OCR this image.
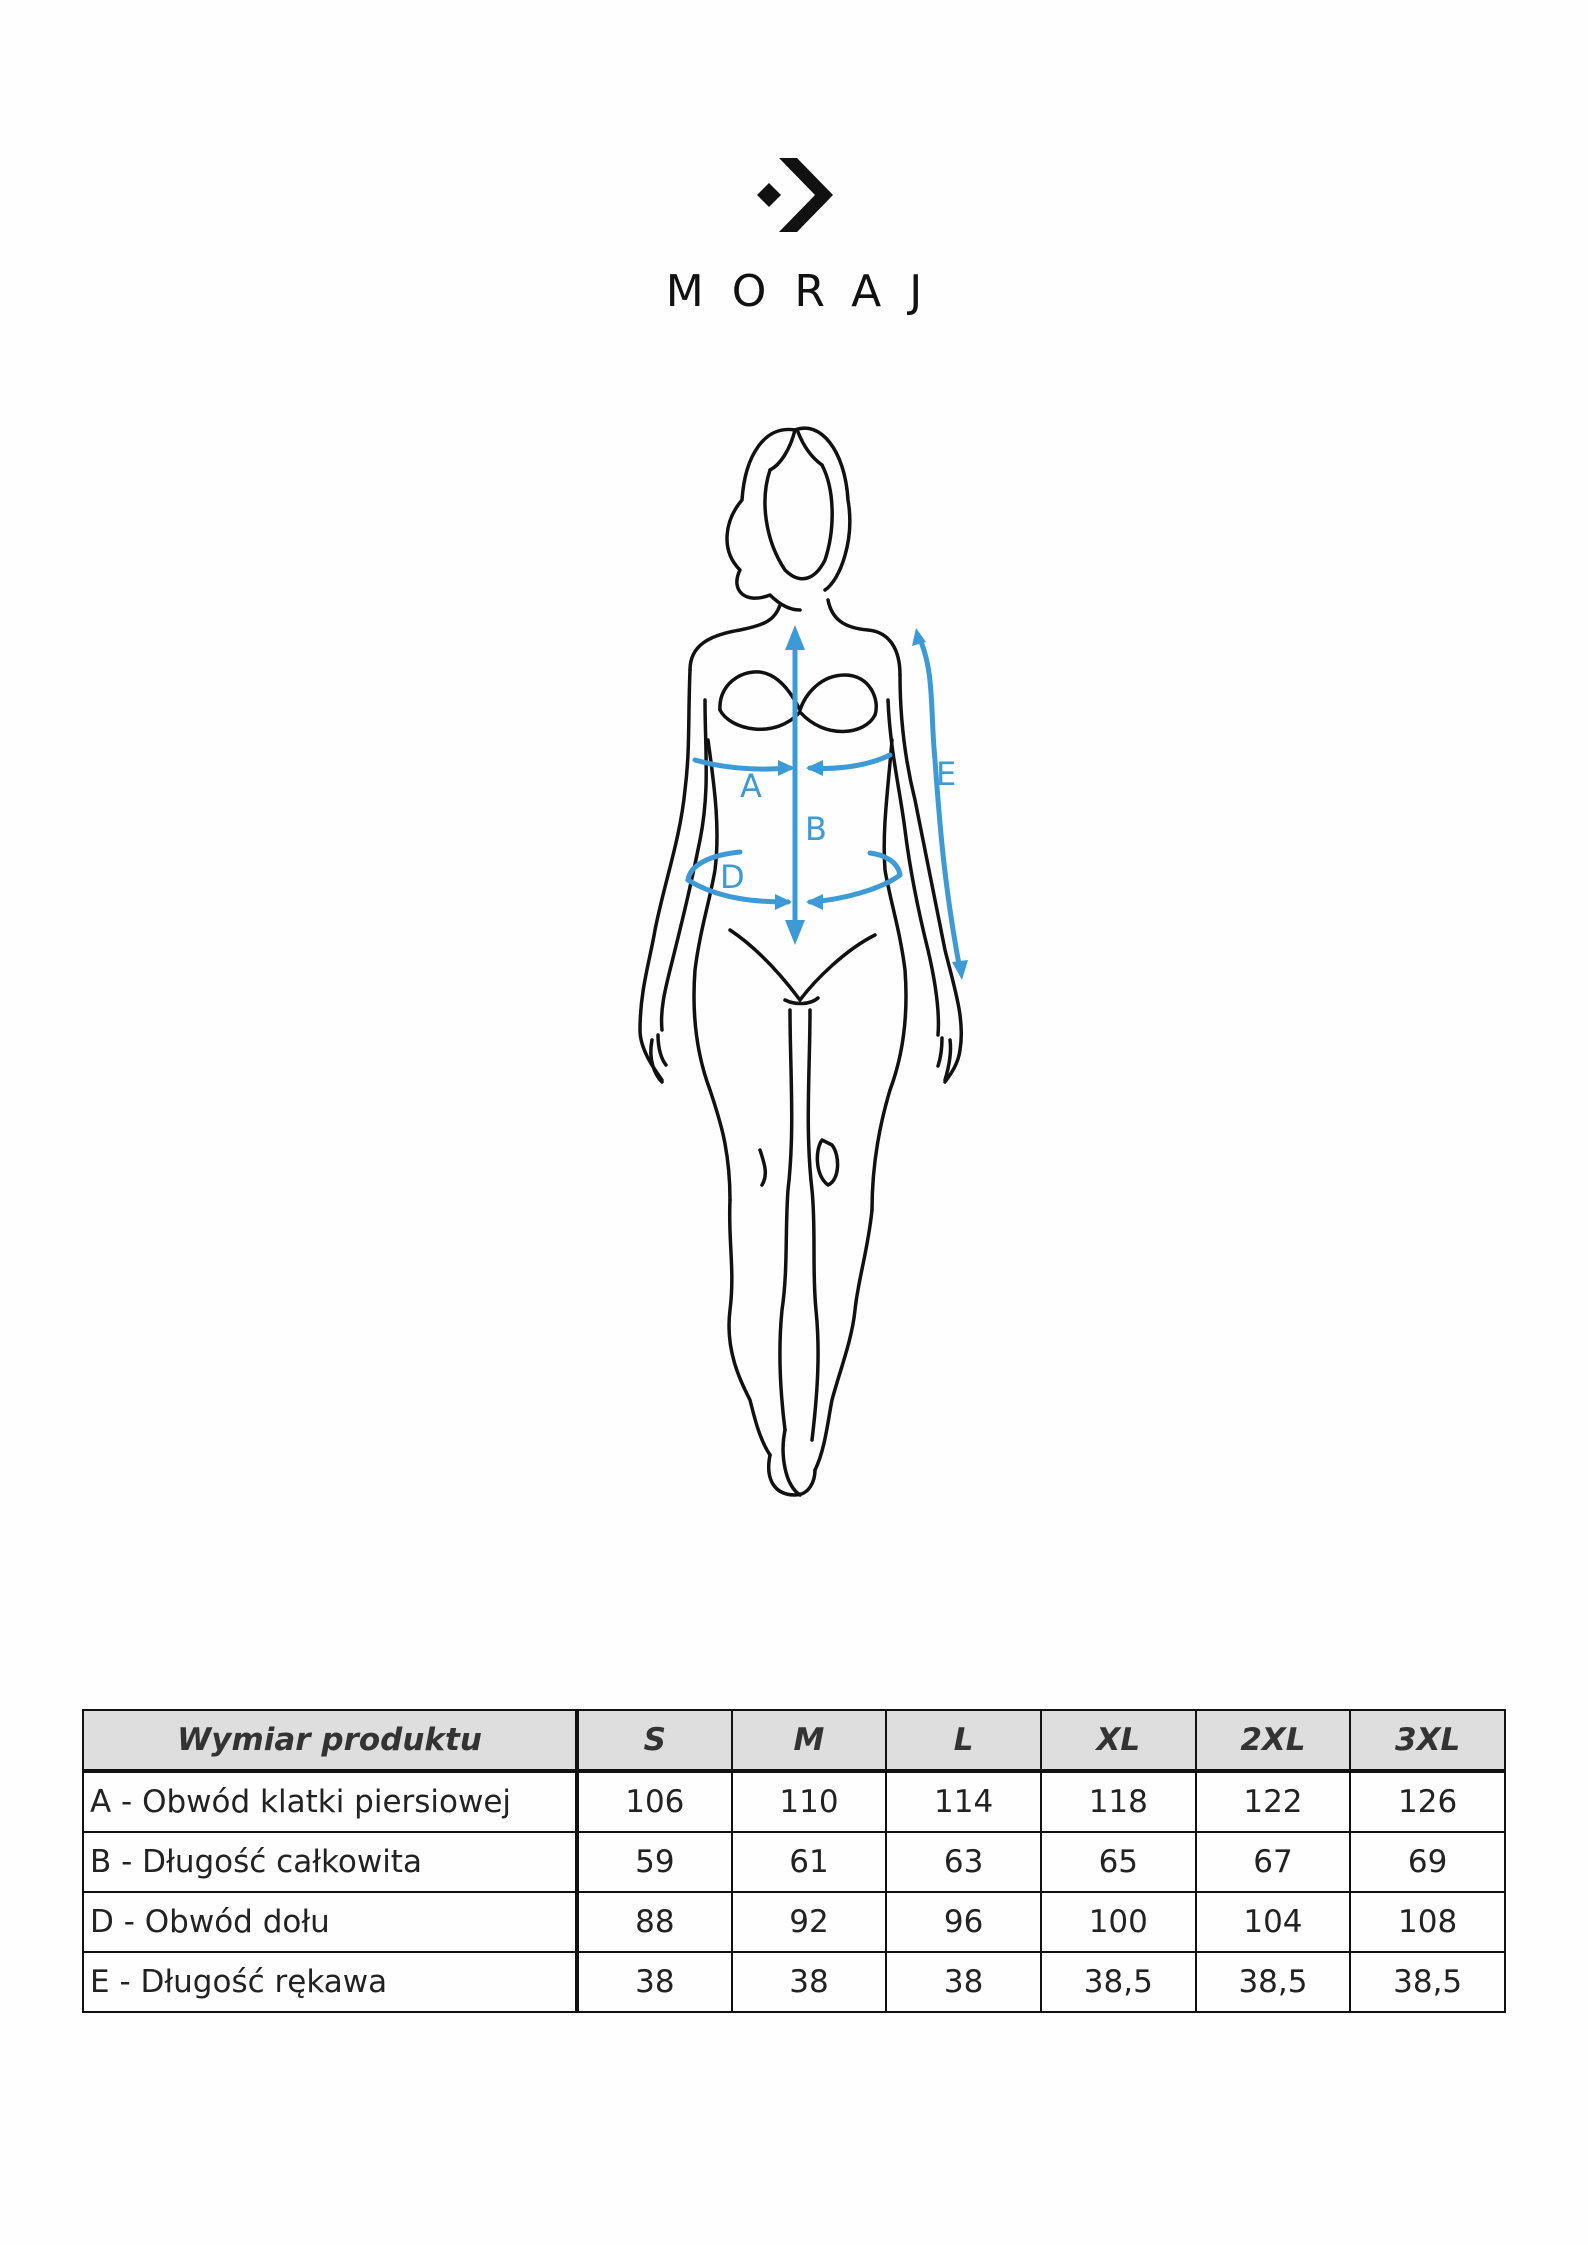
MORAJ
A
B
D
E
Wymiar produktu	S	M	L	XL	2XL	3XL
A - Obwód klatki piersiowej	106	110	114	118	122	126
B - Długość całkowita	59	61	63	65	67	69
D - Obwód dołu	88	92	96	100	104	108
E - Długość rękawa	38	38	38	38,5	38,5	38,5
